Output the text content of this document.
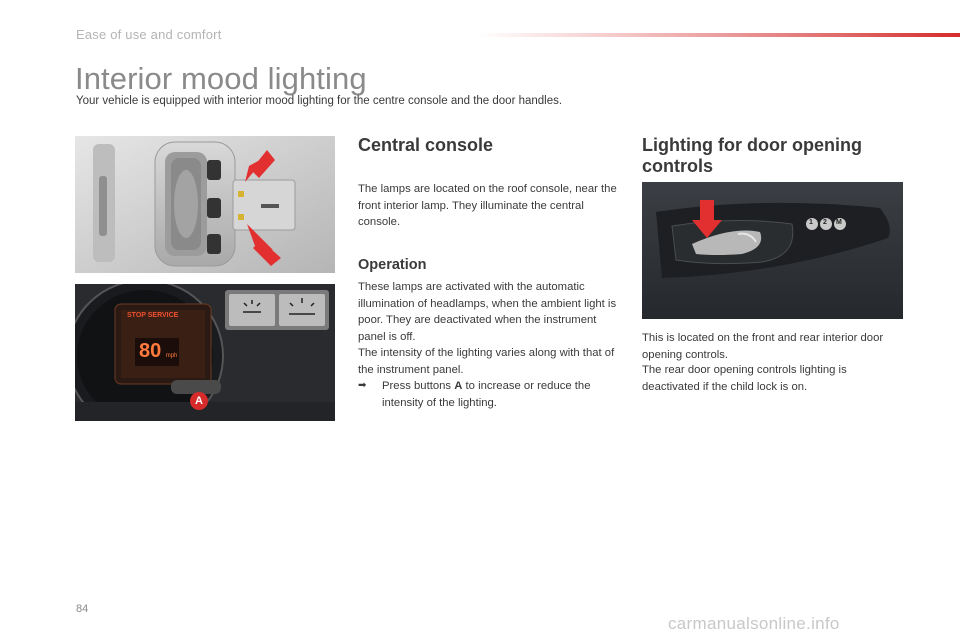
Ease of use and comfort
Interior mood lighting
Your vehicle is equipped with interior mood lighting for the centre console and the door handles.
STOP SERVICE
80 mph
A
Central console

The lamps are located on the roof console, near the front interior lamp. They illuminate the central console.

Operation

These lamps are activated with the automatic illumination of headlamps, when the ambient light is poor. They are deactivated when the instrument panel is off.

The intensity of the lighting varies along with that of the instrument panel.

➡ Press buttons A to increase or reduce the intensity of the lighting.
Lighting for door opening controls
1 2 M

This is located on the front and rear interior door opening controls.

The rear door opening controls lighting is deactivated if the child lock is on.

84
carmanualsonline.info
